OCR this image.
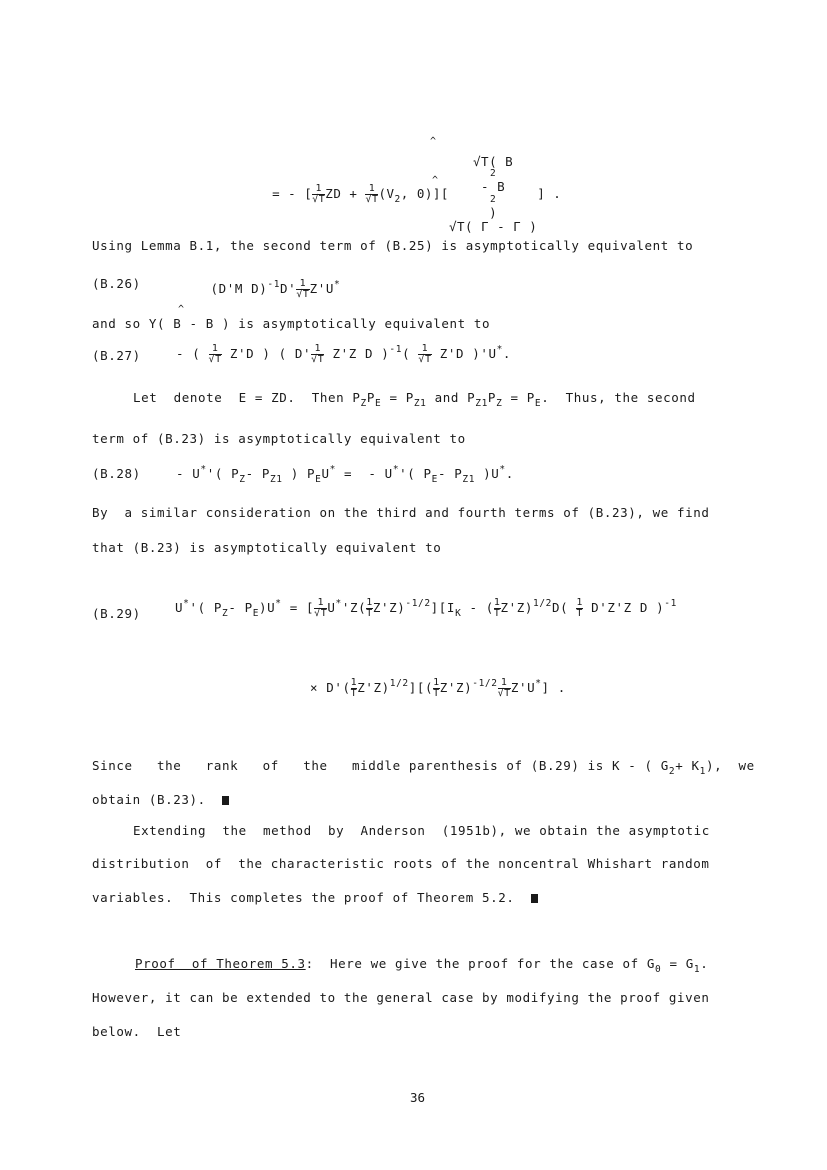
= - [ $\frac{1}{√T}$ ZD + $\frac{1}{√T} (V_2$, 0)][
√T( B
2
- B
2
)
√T( Γ - Γ )
] .

^
^
Using Lemma B.1, the second term of (B.25) is asymptotically equivalent to
(B.26)	(D'M $D)^{-1}D' \frac{1}{√T} Z'U^*$

^
and so Y( B - B ) is asymptotically equivalent to
(B.27)	- ( $\frac{1}{√T} Z'D$ ) ( $D' \frac{1}{√T} Z'Z$ D )$^{-1}( \frac{1}{√T} Z'D$ )'U*.
Let  denote  E = ZD.  Then $P_ZP_E = P_{Z1}$ and $P_{Z1}P_Z = P_E$.  Thus, the second
term of (B.23) is asymptotically equivalent to
(B.28)	- U*'( $P_Z-$ $P_{Z1}$ ) $P_EU^*$ =  - U*'( $P_E-$ $P_{Z1}$ )U*.
By  a similar consideration on the third and fourth terms of (B.23), we find
that (B.23) is asymptotically equivalent to
(B.29)	U*'( $P_Z-$ $P_E)U^*$ = [ $\frac{1}{√T} U^*'Z( \frac{1}{T} Z'Z)^{-1/2}][I_K$ - ( $\frac{1}{T} Z'Z)^{1/2}D( \frac{1}{T} D'Z'Z$ D )$^{-1}$
× $D'( \frac{1}{T} Z'Z)^{1/2}][( \frac{1}{T} Z'Z)^{-1/2} \frac{1}{√T} Z'U^*]$ .
Since   the   rank   of   the   middle parenthesis of (B.29) is K - ( $G_2+ K_1$),  we
obtain (B.23).
Extending  the  method  by  Anderson  (1951b), we obtain the asymptotic
distribution  of  the characteristic roots of the noncentral Whishart random
variables.  This completes the proof of Theorem 5.2.
Proof  of Theorem 5.3:  Here we give the proof for the case of $G_0 = G_1$.
However, it can be extended to the general case by modifying the proof given
below.  Let
36
